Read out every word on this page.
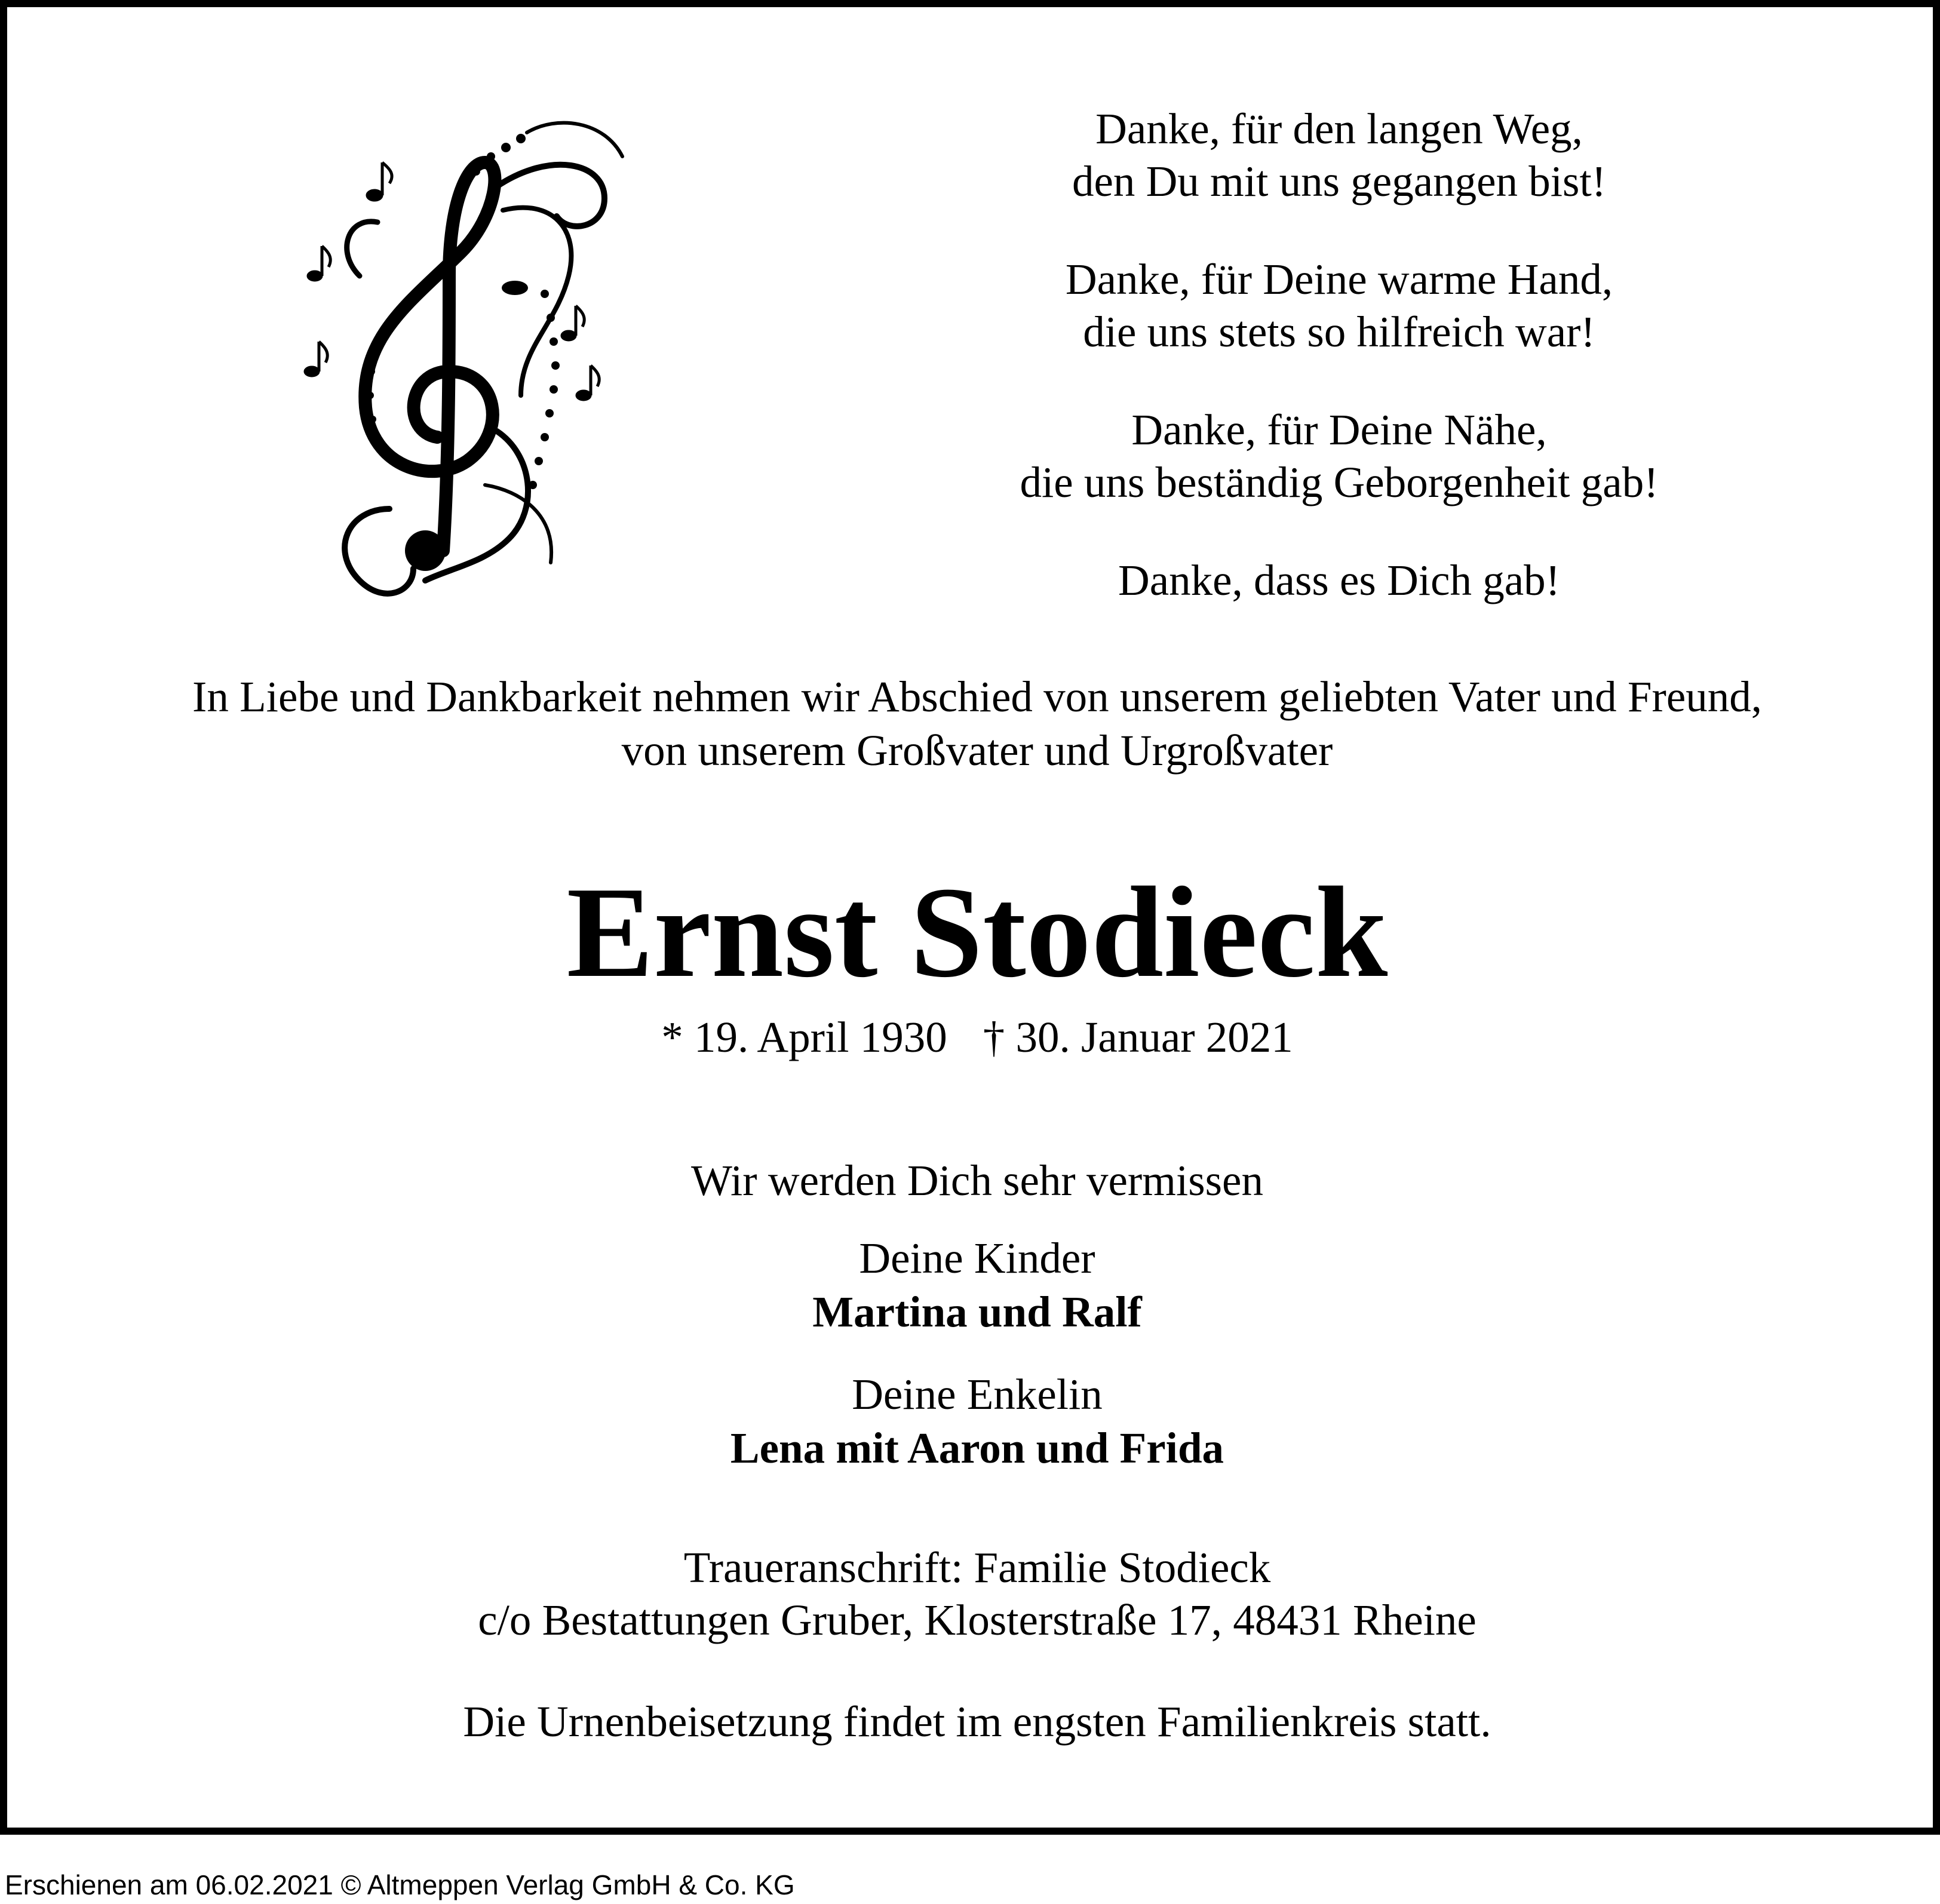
Danke, für den langen Weg,
den Du mit uns gegangen bist!
Danke, für Deine warme Hand,
die uns stets so hilfreich war!
Danke, für Deine Nähe,
die uns beständig Geborgenheit gab!
Danke, dass es Dich gab!
In Liebe und Dankbarkeit nehmen wir Abschied von unserem geliebten Vater und Freund,
von unserem Großvater und Urgroßvater
Ernst Stodieck
* 19. April 1930 † 30. Januar 2021
Wir werden Dich sehr vermissen
Deine Kinder
Martina und Ralf
Deine Enkelin
Lena mit Aaron und Frida
Traueranschrift: Familie Stodieck
c/o Bestattungen Gruber, Klosterstraße 17, 48431 Rheine
Die Urnenbeisetzung findet im engsten Familienkreis statt.
Erschienen am 06.02.2021 © Altmeppen Verlag GmbH & Co. KG
